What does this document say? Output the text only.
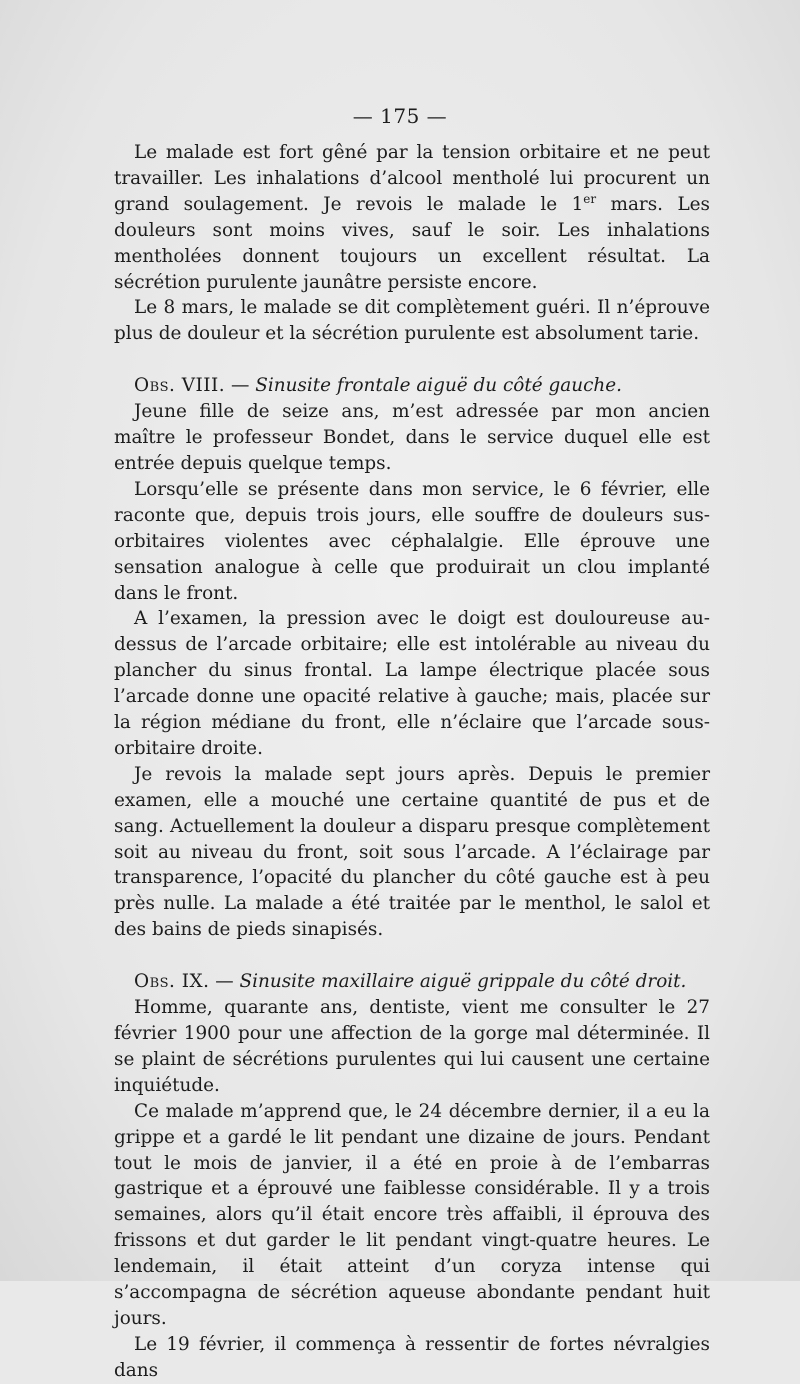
— 175 —

Le malade est fort gêné par la tension orbitaire et ne peut travailler. Les inhalations d’alcool mentholé lui procurent un grand soulagement. Je revois le malade le 1er mars. Les douleurs sont moins vives, sauf le soir. Les inhalations mentholées donnent toujours un excellent résultat. La sécrétion purulente jaunâtre persiste encore.

Le 8 mars, le malade se dit complètement guéri. Il n’éprouve plus de douleur et la sécrétion purulente est absolument tarie.

Obs. VIII. — Sinusite frontale aiguë du côté gauche.

Jeune fille de seize ans, m’est adressée par mon ancien maître le professeur Bondet, dans le service duquel elle est entrée depuis quelque temps.

Lorsqu’elle se présente dans mon service, le 6 février, elle raconte que, depuis trois jours, elle souffre de douleurs sus-orbitaires violentes avec céphalalgie. Elle éprouve une sensation analogue à celle que produirait un clou implanté dans le front.

A l’examen, la pression avec le doigt est douloureuse au-dessus de l’arcade orbitaire; elle est intolérable au niveau du plancher du sinus frontal. La lampe électrique placée sous l’arcade donne une opacité relative à gauche; mais, placée sur la région médiane du front, elle n’éclaire que l’arcade sous-orbitaire droite.

Je revois la malade sept jours après. Depuis le premier examen, elle a mouché une certaine quantité de pus et de sang. Actuellement la douleur a disparu presque complètement soit au niveau du front, soit sous l’arcade. A l’éclairage par transparence, l’opacité du plancher du côté gauche est à peu près nulle. La malade a été traitée par le menthol, le salol et des bains de pieds sinapisés.

Obs. IX. — Sinusite maxillaire aiguë grippale du côté droit.

Homme, quarante ans, dentiste, vient me consulter le 27 février 1900 pour une affection de la gorge mal déterminée. Il se plaint de sécrétions purulentes qui lui causent une certaine inquiétude.

Ce malade m’apprend que, le 24 décembre dernier, il a eu la grippe et a gardé le lit pendant une dizaine de jours. Pendant tout le mois de janvier, il a été en proie à de l’embarras gastrique et a éprouvé une faiblesse considérable. Il y a trois semaines, alors qu’il était encore très affaibli, il éprouva des frissons et dut garder le lit pendant vingt-quatre heures. Le lendemain, il était atteint d’un coryza intense qui s’accompagna de sécrétion aqueuse abondante pendant huit jours.

Le 19 février, il commença à ressentir de fortes névralgies dans
